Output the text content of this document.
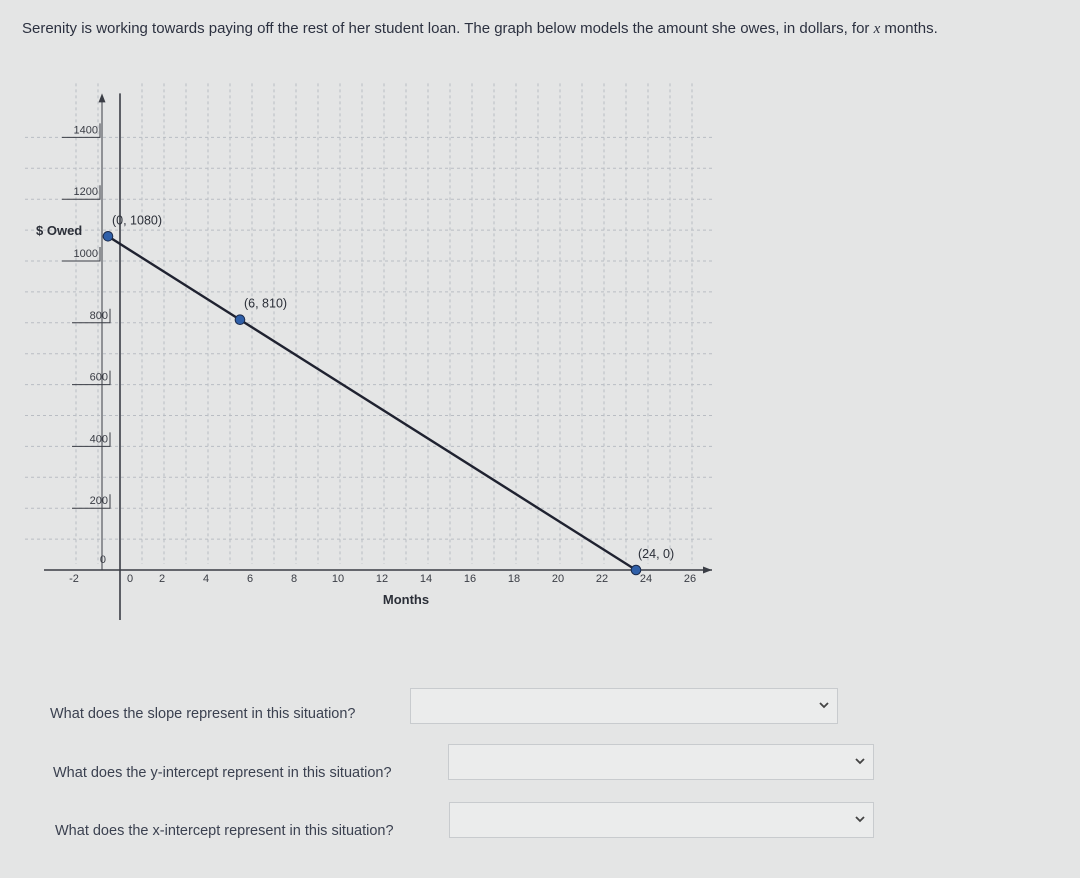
Serenity is working towards paying off the rest of her student loan. The graph below models the amount she owes, in dollars, for x months.
-2	0 2	4	6	8	10	12	14	16	18	20	22	24	26
0
200
400
600
800
1000
1200
1400
Months
$ Owed
(0, 1080)
(6, 810)
(24, 0)
What does the slope represent in this situation?
What does the y-intercept represent in this situation?
What does the x-intercept represent in this situation?
